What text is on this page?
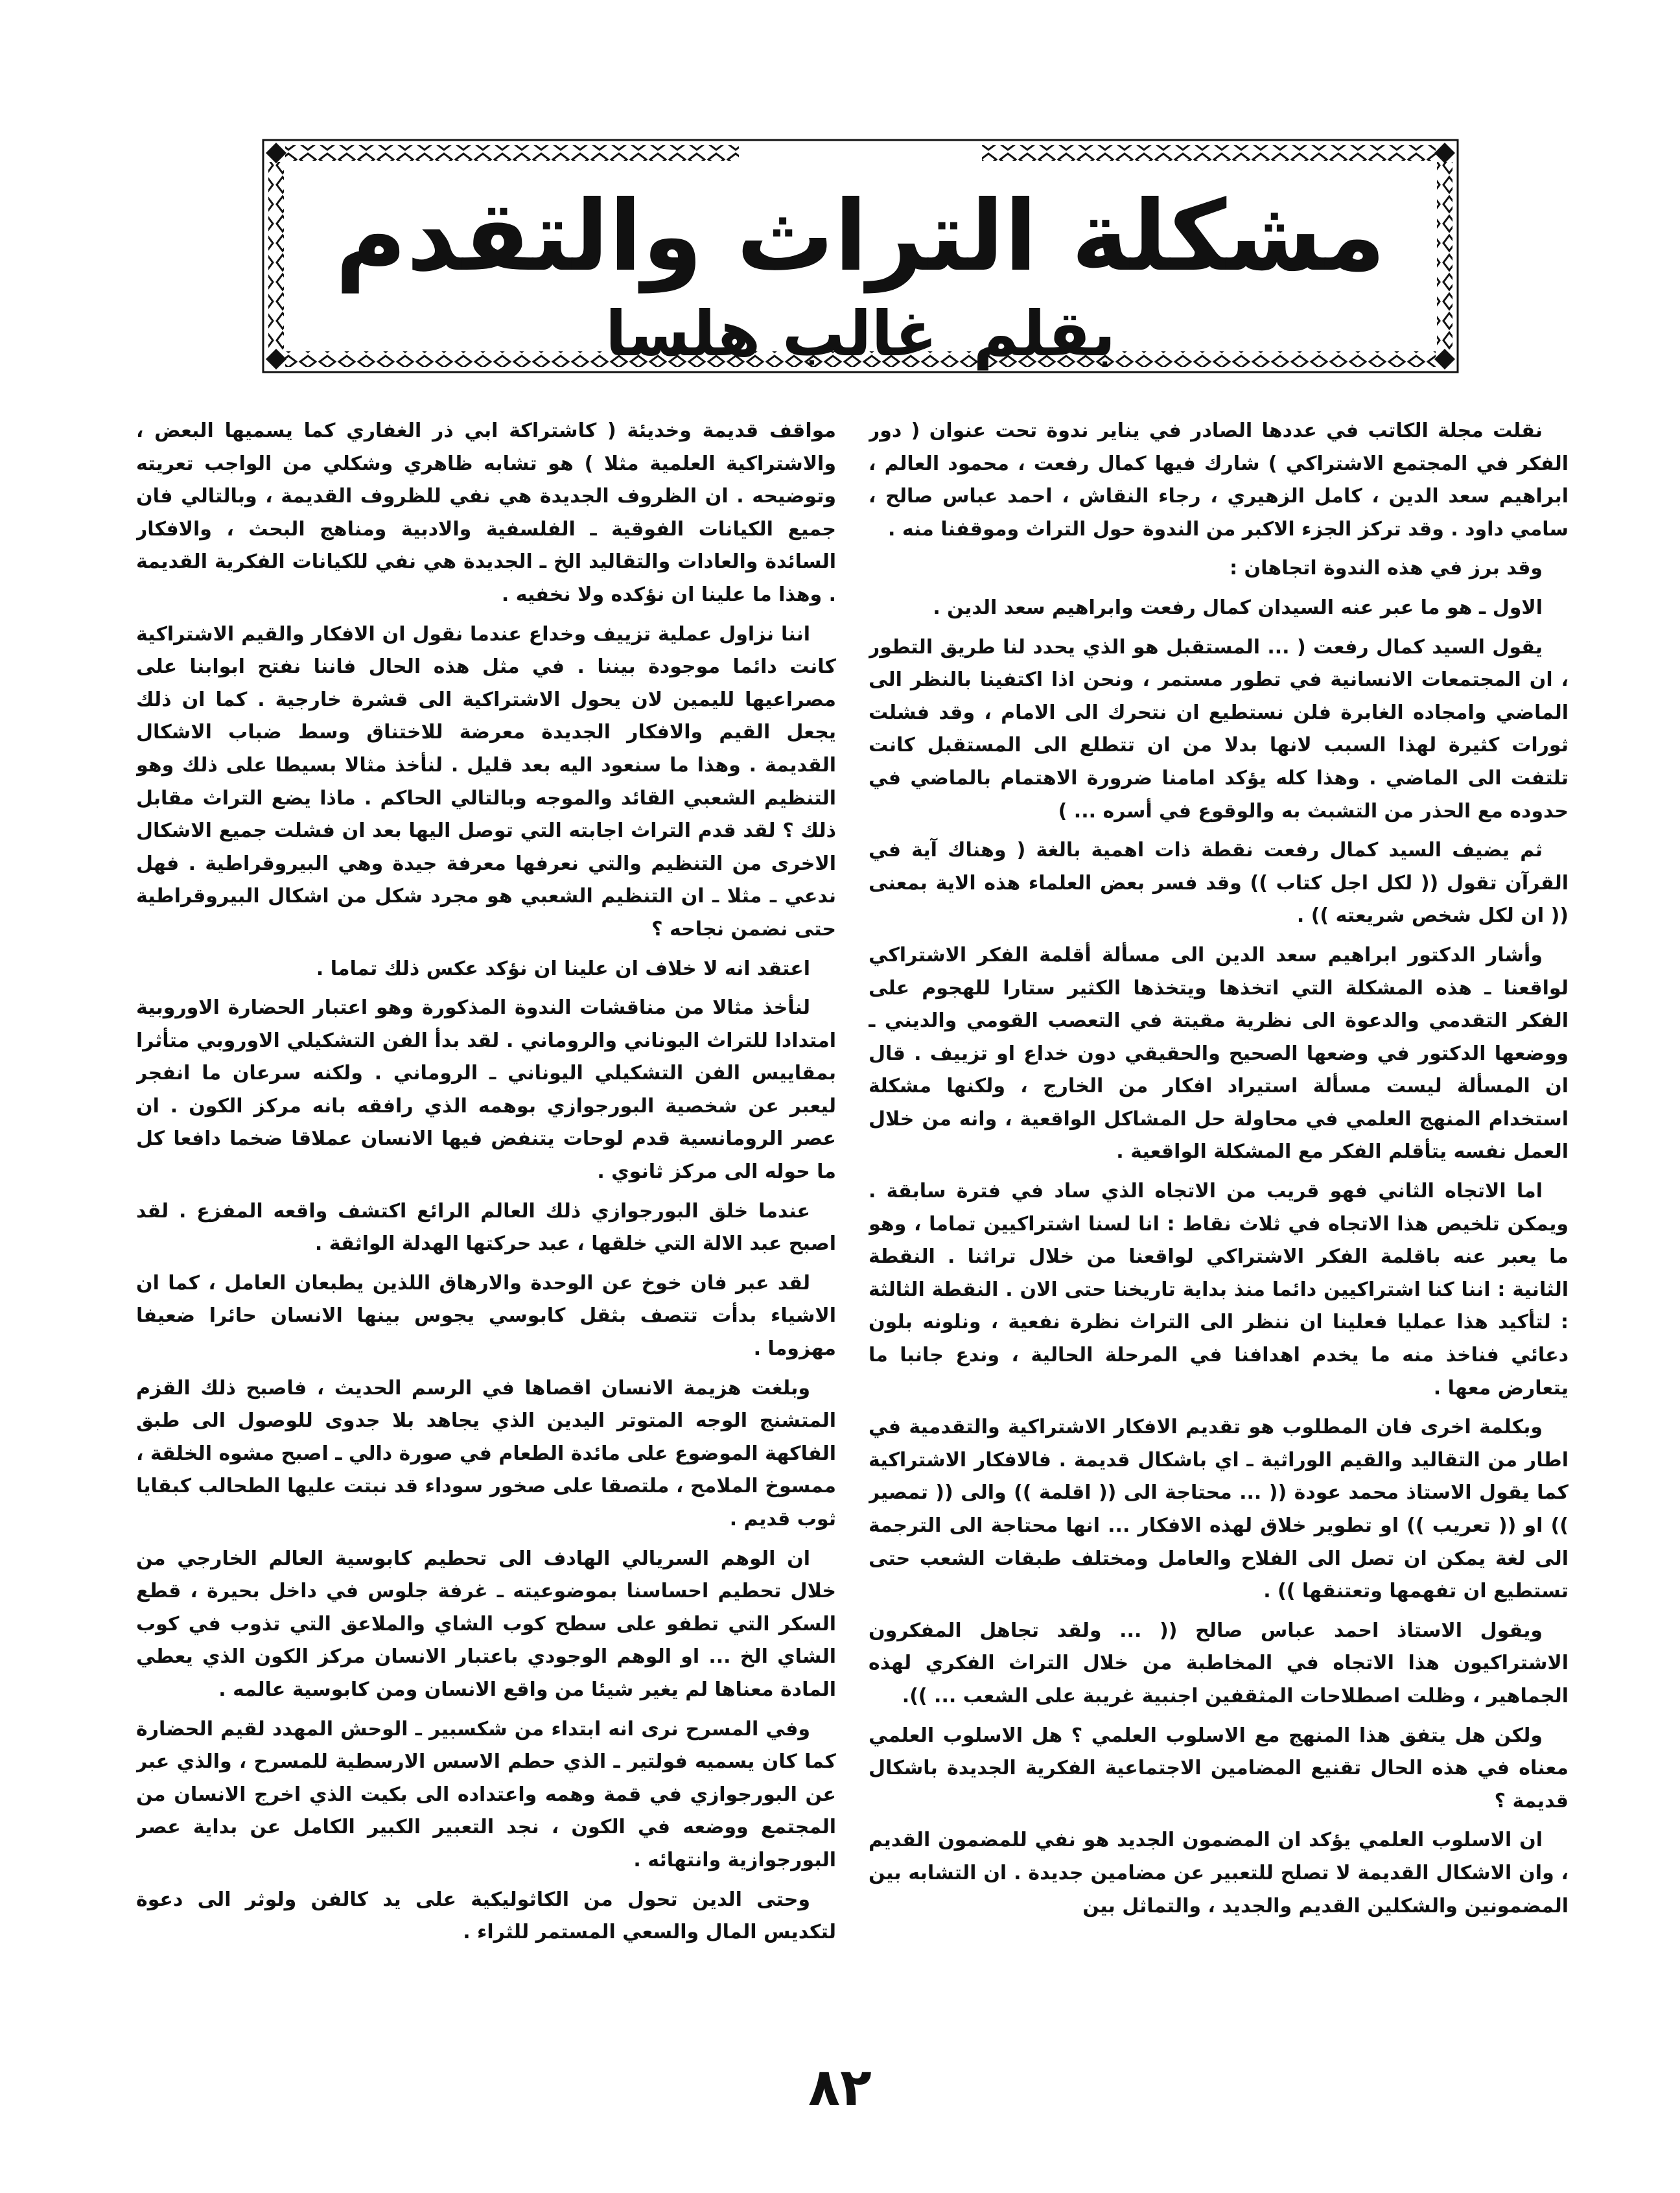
مشكلة التراث والتقدم
بقلم غالب هلسا

نقلت مجلة الكاتب في عددها الصادر في يناير ندوة تحت عنوان ( دور الفكر في المجتمع الاشتراكي ) شارك فيها كمال رفعت ، محمود العالم ، ابراهيم سعد الدين ، كامل الزهيري ، رجاء النقاش ، احمد عباس صالح ، سامي داود . وقد تركز الجزء الاكبر من الندوة حول التراث وموقفنا منه .

وقد برز في هذه الندوة اتجاهان :

الاول ـ هو ما عبر عنه السيدان كمال رفعت وابراهيم سعد الدين .

يقول السيد كمال رفعت ( ... المستقبل هو الذي يحدد لنا طريق التطور ، ان المجتمعات الانسانية في تطور مستمر ، ونحن اذا اكتفينا بالنظر الى الماضي وامجاده الغابرة فلن نستطيع ان نتحرك الى الامام ، وقد فشلت ثورات كثيرة لهذا السبب لانها بدلا من ان تتطلع الى المستقبل كانت تلتفت الى الماضي . وهذا كله يؤكد امامنا ضرورة الاهتمام بالماضي في حدوده مع الحذر من التشبث به والوقوع في أسره ... )

ثم يضيف السيد كمال رفعت نقطة ذات اهمية بالغة ( وهناك آية في القرآن تقول (( لكل اجل كتاب )) وقد فسر بعض العلماء هذه الاية بمعنى (( ان لكل شخص شريعته )) .

وأشار الدكتور ابراهيم سعد الدين الى مسألة أقلمة الفكر الاشتراكي لواقعنا ـ هذه المشكلة التي اتخذها ويتخذها الكثير ستارا للهجوم على الفكر التقدمي والدعوة الى نظرية مقيتة في التعصب القومي والديني ـ ووضعها الدكتور في وضعها الصحيح والحقيقي دون خداع او تزييف . قال ان المسألة ليست مسألة استيراد افكار من الخارج ، ولكنها مشكلة استخدام المنهج العلمي في محاولة حل المشاكل الواقعية ، وانه من خلال العمل نفسه يتأقلم الفكر مع المشكلة الواقعية .

اما الاتجاه الثاني فهو قريب من الاتجاه الذي ساد في فترة سابقة . ويمكن تلخيص هذا الاتجاه في ثلاث نقاط : انا لسنا اشتراكيين تماما ، وهو ما يعبر عنه باقلمة الفكر الاشتراكي لواقعنا من خلال تراثنا . النقطة الثانية : اننا كنا اشتراكيين دائما منذ بداية تاريخنا حتى الان . النقطة الثالثة : لتأكيد هذا عمليا فعلينا ان ننظر الى التراث نظرة نفعية ، ونلونه بلون دعائي فناخذ منه ما يخدم اهدافنا في المرحلة الحالية ، وندع جانبا ما يتعارض معها .

وبكلمة اخرى فان المطلوب هو تقديم الافكار الاشتراكية والتقدمية في اطار من التقاليد والقيم الوراثية ـ اي باشكال قديمة . فالافكار الاشتراكية كما يقول الاستاذ محمد عودة (( ... محتاجة الى (( اقلمة )) والى (( تمصير )) او (( تعريب )) او تطوير خلاق لهذه الافكار ... انها محتاجة الى الترجمة الى لغة يمكن ان تصل الى الفلاح والعامل ومختلف طبقات الشعب حتى تستطيع ان تفهمها وتعتنقها )) .

ويقول الاستاذ احمد عباس صالح (( ... ولقد تجاهل المفكرون الاشتراكيون هذا الاتجاه في المخاطبة من خلال التراث الفكري لهذه الجماهير ، وظلت اصطلاحات المثقفين اجنبية غريبة على الشعب ... )).

ولكن هل يتفق هذا المنهج مع الاسلوب العلمي ؟ هل الاسلوب العلمي معناه في هذه الحال تقنيع المضامين الاجتماعية الفكرية الجديدة باشكال قديمة ؟

ان الاسلوب العلمي يؤكد ان المضمون الجديد هو نفي للمضمون القديم ، وان الاشكال القديمة لا تصلح للتعبير عن مضامين جديدة . ان التشابه بين المضمونين والشكلين القديم والجديد ، والتماثل بين

مواقف قديمة وخديئة ( كاشتراكة ابي ذر الغفاري كما يسميها البعض ، والاشتراكية العلمية مثلا ) هو تشابه ظاهري وشكلي من الواجب تعريته وتوضيحه . ان الظروف الجديدة هي نفي للظروف القديمة ، وبالتالي فان جميع الكيانات الفوقية ـ الفلسفية والادبية ومناهج البحث ، والافكار السائدة والعادات والتقاليد الخ ـ الجديدة هي نفي للكيانات الفكرية القديمة . وهذا ما علينا ان نؤكده ولا نخفيه .

اننا نزاول عملية تزييف وخداع عندما نقول ان الافكار والقيم الاشتراكية كانت دائما موجودة بيننا . في مثل هذه الحال فاننا نفتح ابوابنا على مصراعيها لليمين لان يحول الاشتراكية الى قشرة خارجية . كما ان ذلك يجعل القيم والافكار الجديدة معرضة للاختناق وسط ضباب الاشكال القديمة . وهذا ما سنعود اليه بعد قليل . لنأخذ مثالا بسيطا على ذلك وهو التنظيم الشعبي القائد والموجه وبالتالي الحاكم . ماذا يضع التراث مقابل ذلك ؟ لقد قدم التراث اجابته التي توصل اليها بعد ان فشلت جميع الاشكال الاخرى من التنظيم والتي نعرفها معرفة جيدة وهي البيروقراطية . فهل ندعي ـ مثلا ـ ان التنظيم الشعبي هو مجرد شكل من اشكال البيروقراطية حتى نضمن نجاحه ؟

اعتقد انه لا خلاف ان علينا ان نؤكد عكس ذلك تماما .

لنأخذ مثالا من مناقشات الندوة المذكورة وهو اعتبار الحضارة الاوروبية امتدادا للتراث اليوناني والروماني . لقد بدأ الفن التشكيلي الاوروبي متأثرا بمقاييس الفن التشكيلي اليوناني ـ الروماني . ولكنه سرعان ما انفجر ليعبر عن شخصية البورجوازي بوهمه الذي رافقه بانه مركز الكون . ان عصر الرومانسية قدم لوحات يتنفض فيها الانسان عملاقا ضخما دافعا كل ما حوله الى مركز ثانوي .

عندما خلق البورجوازي ذلك العالم الرائع اكتشف واقعه المفزع . لقد اصبح عبد الالة التي خلقها ، عبد حركتها الهدلة الواثقة .

لقد عبر فان خوخ عن الوحدة والارهاق اللذين يطبعان العامل ، كما ان الاشياء بدأت تتصف بثقل كابوسي يجوس بينها الانسان حائرا ضعيفا مهزوما .

وبلغت هزيمة الانسان اقصاها في الرسم الحديث ، فاصبح ذلك القزم المتشنج الوجه المتوتر اليدين الذي يجاهد بلا جدوى للوصول الى طبق الفاكهة الموضوع على مائدة الطعام في صورة دالي ـ اصبح مشوه الخلقة ، ممسوخ الملامح ، ملتصقا على صخور سوداء قد نبتت عليها الطحالب كبقايا ثوب قديم .

ان الوهم السريالي الهادف الى تحطيم كابوسية العالم الخارجي من خلال تحطيم احساسنا بموضوعيته ـ غرفة جلوس في داخل بحيرة ، قطع السكر التي تطفو على سطح كوب الشاي والملاعق التي تذوب في كوب الشاي الخ ... او الوهم الوجودي باعتبار الانسان مركز الكون الذي يعطي المادة معناها لم يغير شيئا من واقع الانسان ومن كابوسية عالمه .

وفي المسرح نرى انه ابتداء من شكسبير ـ الوحش المهدد لقيم الحضارة كما كان يسميه فولتير ـ الذي حطم الاسس الارسطية للمسرح ، والذي عبر عن البورجوازي في قمة وهمه واعتداده الى بكيت الذي اخرج الانسان من المجتمع ووضعه في الكون ، نجد التعبير الكبير الكامل عن بداية عصر البورجوازية وانتهائه .

وحتى الدين تحول من الكاثوليكية على يد كالفن ولوثر الى دعوة لتكديس المال والسعي المستمر للثراء .

٨٢
